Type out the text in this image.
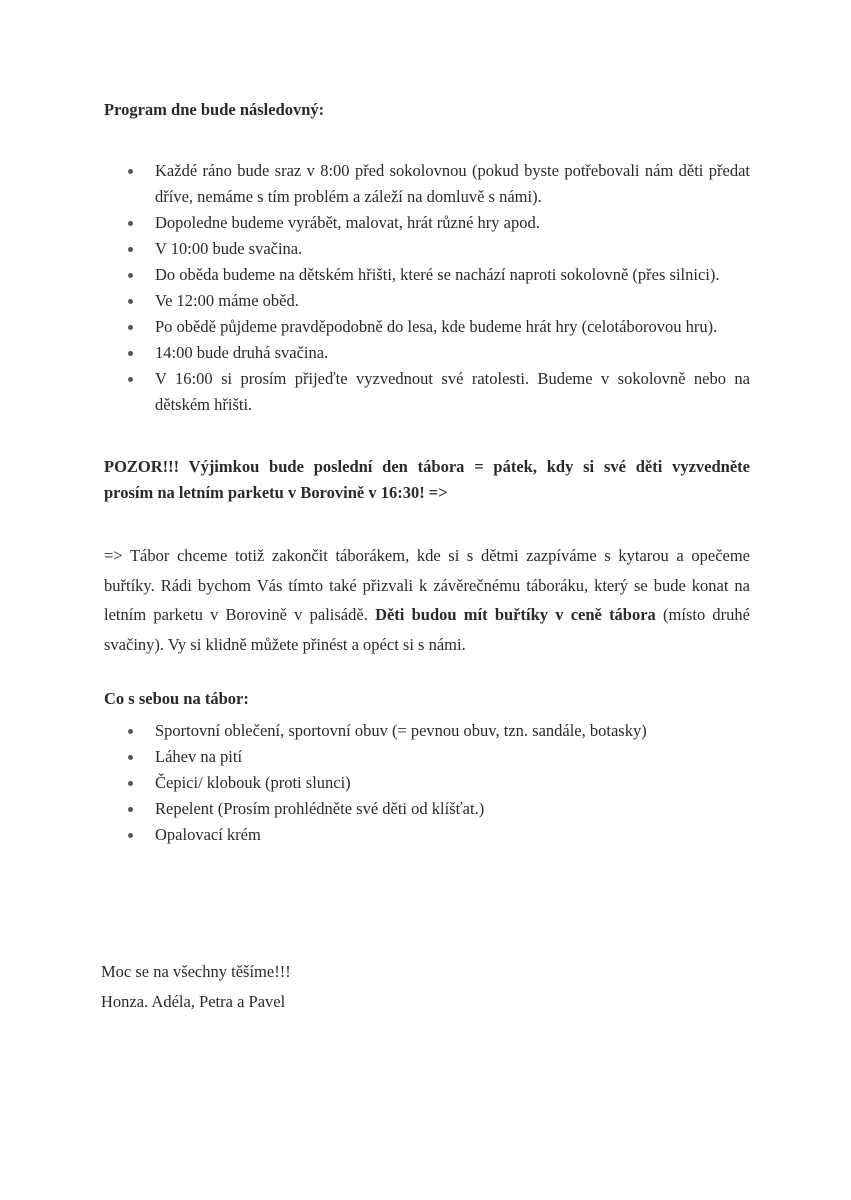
Program dne bude následovný:
Každé ráno bude sraz v 8:00 před sokolovnou (pokud byste potřebovali nám děti předat dříve, nemáme s tím problém a záleží na domluvě s námi).
Dopoledne budeme vyrábět, malovat, hrát různé hry apod.
V 10:00 bude svačina.
Do oběda budeme na dětském hřišti, které se nachází naproti sokolovně (přes silnici).
Ve 12:00 máme oběd.
Po obědě půjdeme pravděpodobně do lesa, kde budeme hrát hry (celotáborovou hru).
14:00 bude druhá svačina.
V 16:00 si prosím přijeďte vyzvednout své ratolesti. Budeme v sokolovně nebo na dětském hřišti.
POZOR!!! Výjimkou bude poslední den tábora = pátek, kdy si své děti vyzvedněte
prosím na letním parketu v Borovině v 16:30! =>
=> Tábor chceme totiž zakončit táborákem, kde si s dětmi zazpíváme s kytarou a opečeme buřtíky. Rádi bychom Vás tímto také přizvali k závěrečnému táboráku, který se bude konat na letním parketu v Borovině v palisádě. Děti budou mít buřtíky v ceně tábora (místo druhé svačiny). Vy si klidně můžete přinést a opéct si s námi.
Co s sebou na tábor:
Sportovní oblečení, sportovní obuv (= pevnou obuv, tzn. sandále, botasky)
Láhev na pití
Čepici/ klobouk (proti slunci)
Repelent (Prosím prohlédněte své děti od klíšťat.)
Opalovací krém
Moc se na všechny těšíme!!!
Honza. Adéla, Petra a Pavel
